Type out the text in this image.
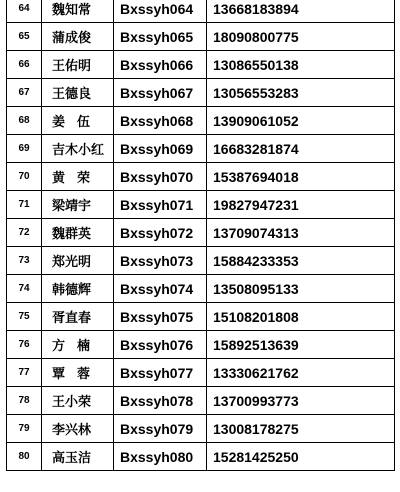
64	魏知常	Bxssyh064	13668183894
65	蒲成俊	Bxssyh065	18090800775
66	王佑明	Bxssyh066	13086550138
67	王德良	Bxssyh067	13056553283
68	姜伍	Bxssyh068	13909061052
69	吉木小红	Bxssyh069	16683281874
70	黄荣	Bxssyh070	15387694018
71	梁靖宇	Bxssyh071	19827947231
72	魏群英	Bxssyh072	13709074313
73	郑光明	Bxssyh073	15884233353
74	韩德辉	Bxssyh074	13508095133
75	胥直春	Bxssyh075	15108201808
76	方楠	Bxssyh076	15892513639
77	覃蓉	Bxssyh077	13330621762
78	王小荣	Bxssyh078	13700993773
79	李兴林	Bxssyh079	13008178275
80	高玉洁	Bxssyh080	15281425250
